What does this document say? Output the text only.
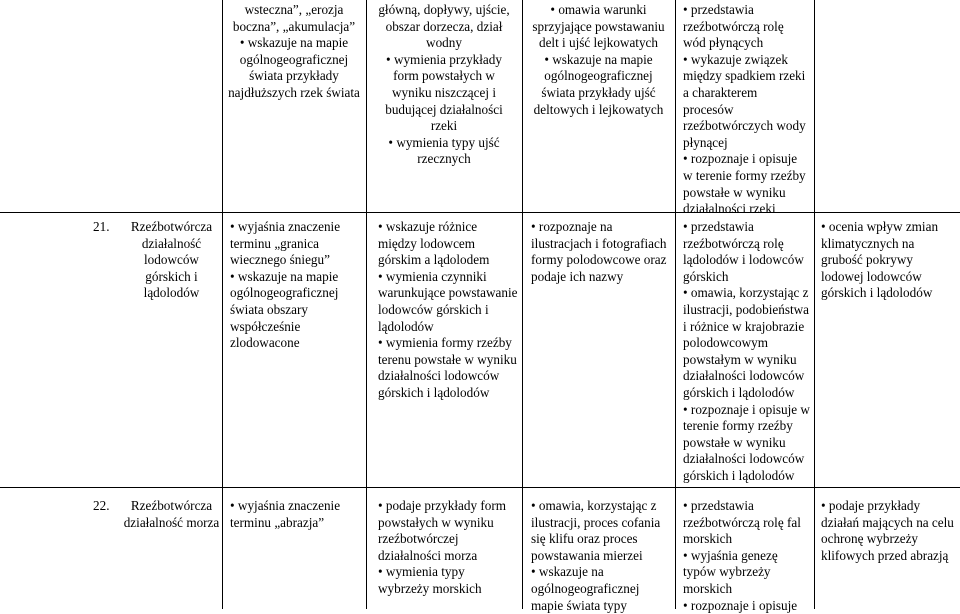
wsteczna”, „erozja

boczna”, „akumulacja”

• wskazuje na mapie ogólnogeograficznej świata przykłady najdłuższych rzek świata

główną, dopływy, ujście, obszar dorzecza, dział wodny

• wymienia przykłady form powstałych w wyniku niszczącej i budującej działalności rzeki

• wymienia typy ujść rzecznych

• omawia warunki sprzyjające powstawaniu delt i ujść lejkowatych

• wskazuje na mapie ogólnogeograficznej świata przykłady ujść deltowych i lejkowatych

• przedstawia rzeźbotwórczą rolę wód płynących

• wykazuje związek między spadkiem rzeki a charakterem procesów rzeźbotwórczych wody płynącej

• rozpoznaje i opisuje w terenie formy rzeźby powstałe w wyniku działalności rzeki

21.	Rzeźbotwórcza działalność lodowców górskich i lądolodów

• wyjaśnia znaczenie terminu „granica wiecznego śniegu”

• wskazuje na mapie ogólnogeograficznej świata obszary współcześnie zlodowacone

• wskazuje różnice między lodowcem górskim a lądolodem

• wymienia czynniki warunkujące powstawanie lodowców górskich i lądolodów

• wymienia formy rzeźby terenu powstałe w wyniku działalności lodowców górskich i lądolodów

• rozpoznaje na ilustracjach i fotografiach formy polodowcowe oraz podaje ich nazwy

• przedstawia rzeźbotwórczą rolę lądolodów i lodowców górskich

• omawia, korzystając z ilustracji, podobieństwa i różnice w krajobrazie polodowcowym powstałym w wyniku działalności lodowców górskich i lądolodów

• rozpoznaje i opisuje w terenie formy rzeźby powstałe w wyniku działalności lodowców górskich i lądolodów

• ocenia wpływ zmian klimatycznych na grubość pokrywy lodowej lodowców górskich i lądolodów

22.	Rzeźbotwórcza działalność morza

• wyjaśnia znaczenie terminu „abrazja”

• podaje przykłady form powstałych w wyniku rzeźbotwórczej działalności morza

• wymienia typy wybrzeży morskich

• omawia, korzystając z ilustracji, proces cofania się klifu oraz proces powstawania mierzei

• wskazuje na ogólnogeograficznej mapie świata typy

• przedstawia rzeźbotwórczą rolę fal morskich

• wyjaśnia genezę typów wybrzeży morskich

• rozpoznaje i opisuje

• podaje przykłady działań mających na celu ochronę wybrzeży klifowych przed abrazją
